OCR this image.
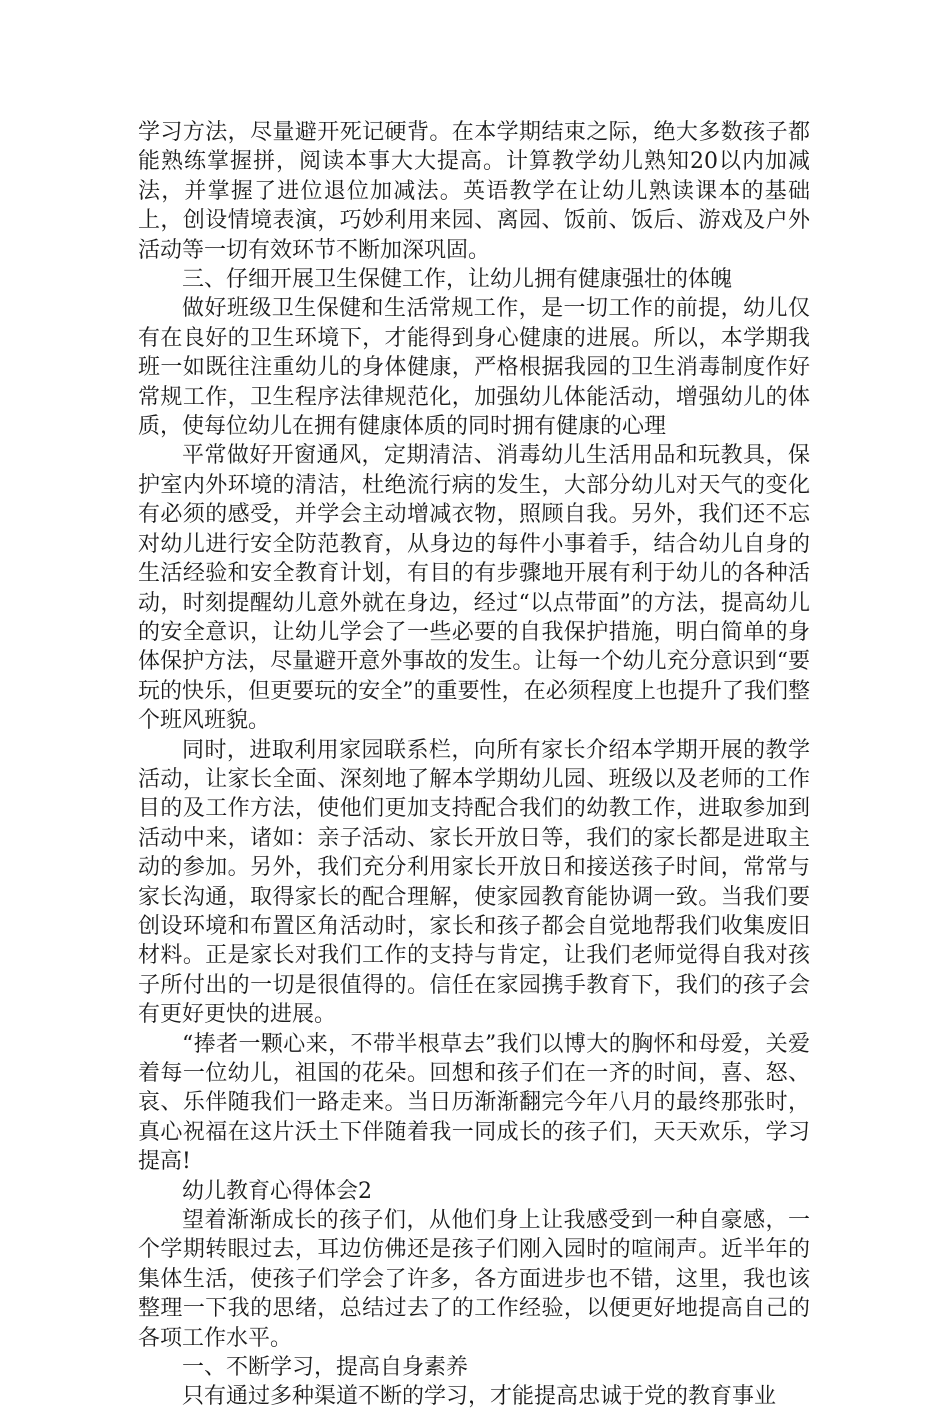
学习方法，尽量避开死记硬背。在本学期结束之际，绝大多数孩子都能熟练掌握拼，阅读本事大大提高。计算教学幼儿熟知20以内加减法，并掌握了进位退位加减法。英语教学在让幼儿熟读课本的基础上，创设情境表演，巧妙利用来园、离园、饭前、饭后、游戏及户外活动等一切有效环节不断加深巩固。

三、仔细开展卫生保健工作，让幼儿拥有健康强壮的体魄

做好班级卫生保健和生活常规工作，是一切工作的前提，幼儿仅有在良好的卫生环境下，才能得到身心健康的进展。所以，本学期我班一如既往注重幼儿的身体健康，严格根据我园的卫生消毒制度作好常规工作，卫生程序法律规范化，加强幼儿体能活动，增强幼儿的体质，使每位幼儿在拥有健康体质的同时拥有健康的心理

平常做好开窗通风，定期清洁、消毒幼儿生活用品和玩教具，保护室内外环境的清洁，杜绝流行病的发生，大部分幼儿对天气的变化有必须的感受，并学会主动增减衣物，照顾自我。另外，我们还不忘对幼儿进行安全防范教育，从身边的每件小事着手，结合幼儿自身的生活经验和安全教育计划，有目的有步骤地开展有利于幼儿的各种活动，时刻提醒幼儿意外就在身边，经过“以点带面”的方法，提高幼儿的安全意识，让幼儿学会了一些必要的自我保护措施，明白简单的身体保护方法，尽量避开意外事故的发生。让每一个幼儿充分意识到“要玩的快乐，但更要玩的安全”的重要性，在必须程度上也提升了我们整个班风班貌。

同时，进取利用家园联系栏，向所有家长介绍本学期开展的教学活动，让家长全面、深刻地了解本学期幼儿园、班级以及老师的工作目的及工作方法，使他们更加支持配合我们的幼教工作，进取参加到活动中来，诸如：亲子活动、家长开放日等，我们的家长都是进取主动的参加。另外，我们充分利用家长开放日和接送孩子时间，常常与家长沟通，取得家长的配合理解，使家园教育能协调一致。当我们要创设环境和布置区角活动时，家长和孩子都会自觉地帮我们收集废旧材料。正是家长对我们工作的支持与肯定，让我们老师觉得自我对孩子所付出的一切是很值得的。信任在家园携手教育下，我们的孩子会有更好更快的进展。

“捧者一颗心来，不带半根草去”我们以博大的胸怀和母爱，关爱着每一位幼儿，祖国的花朵。回想和孩子们在一齐的时间，喜、怒、哀、乐伴随我们一路走来。当日历渐渐翻完今年八月的最终那张时，真心祝福在这片沃土下伴随着我一同成长的孩子们，天天欢乐，学习提高!

幼儿教育心得体会2

望着渐渐成长的孩子们，从他们身上让我感受到一种自豪感，一个学期转眼过去，耳边仿佛还是孩子们刚入园时的喧闹声。近半年的集体生活，使孩子们学会了许多，各方面进步也不错，这里，我也该整理一下我的思绪，总结过去了的工作经验，以便更好地提高自己的各项工作水平。

一、不断学习，提高自身素养

只有通过多种渠道不断的学习，才能提高忠诚于党的教育事业
